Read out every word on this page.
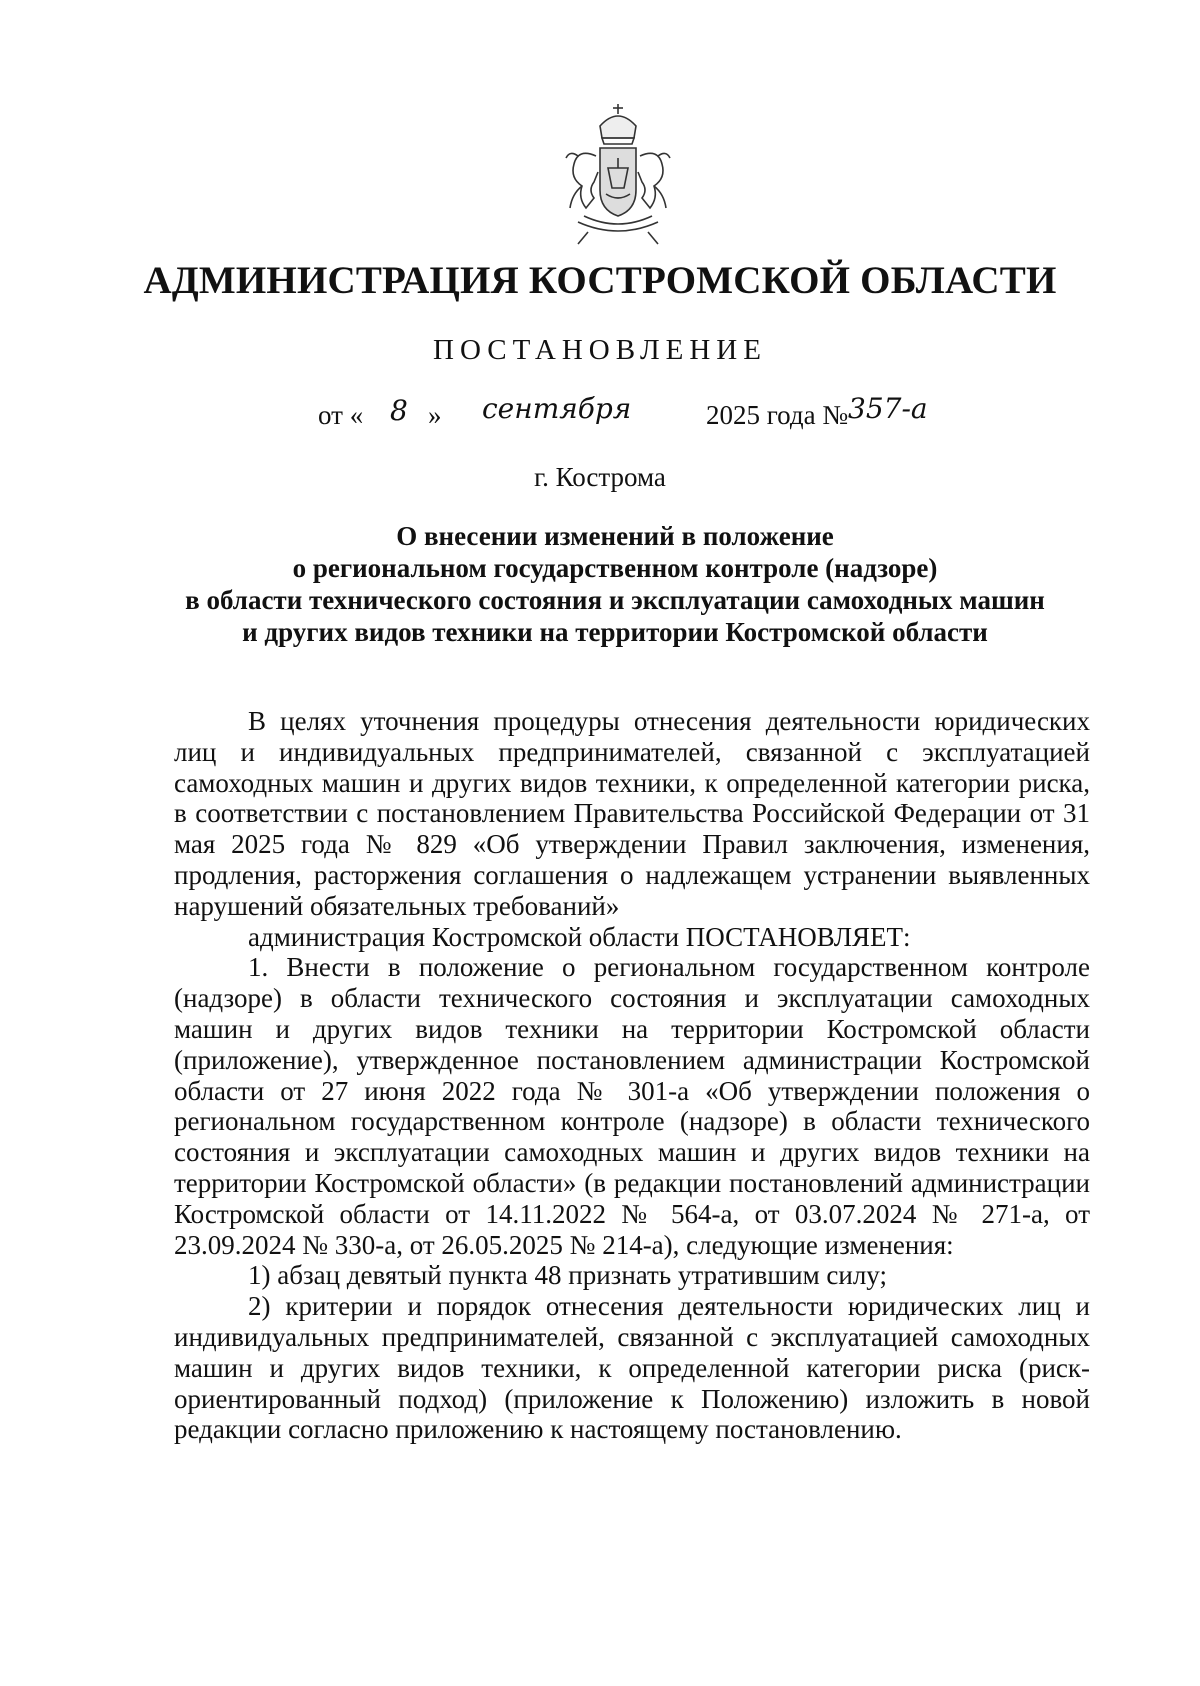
АДМИНИСТРАЦИЯ КОСТРОМСКОЙ ОБЛАСТИ
ПОСТАНОВЛЕНИЕ
от « 8 » сентября	2025 года № 357-а
г. Кострома
О внесении изменений в положение
о региональном государственном контроле (надзоре)
в области технического состояния и эксплуатации самоходных машин
и других видов техники на территории Костромской области

В целях уточнения процедуры отнесения деятельности юридических лиц и индивидуальных предпринимателей, связанной с эксплуатацией самоходных машин и других видов техники, к определенной категории риска, в соответствии с постановлением Правительства Российской Федерации от 31 мая 2025 года № 829 «Об утверждении Правил заключения, изменения, продления, расторжения соглашения о надлежащем устранении выявленных нарушений обязательных требований»

администрация Костромской области ПОСТАНОВЛЯЕТ:

1. Внести в положение о региональном государственном контроле (надзоре) в области технического состояния и эксплуатации самоходных машин и других видов техники на территории Костромской области (приложение), утвержденное постановлением администрации Костромской области от 27 июня 2022 года № 301-а «Об утверждении положения о региональном государственном контроле (надзоре) в области технического состояния и эксплуатации самоходных машин и других видов техники на территории Костромской области» (в редакции постановлений администрации Костромской области от 14.11.2022 № 564-а, от 03.07.2024 № 271-а, от 23.09.2024 № 330-а, от 26.05.2025 № 214-а), следующие изменения:

1) абзац девятый пункта 48 признать утратившим силу;

2) критерии и порядок отнесения деятельности юридических лиц и индивидуальных предпринимателей, связанной с эксплуатацией самоходных машин и других видов техники, к определенной категории риска (риск-ориентированный подход) (приложение к Положению) изложить в новой редакции согласно приложению к настоящему постановлению.
